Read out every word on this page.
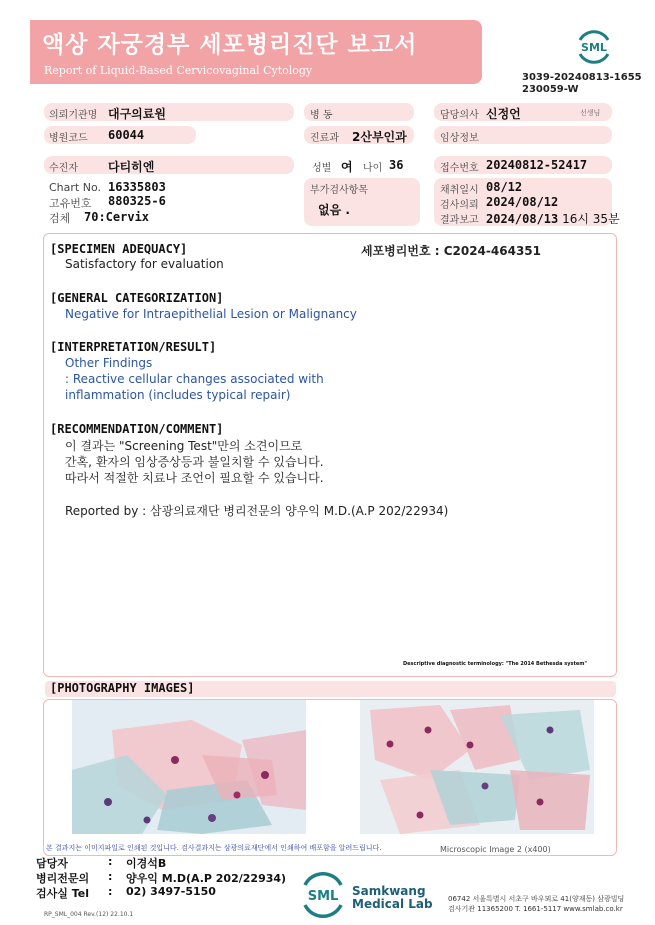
액상 자궁경부 세포병리진단 보고서
Report of Liquid-Based Cervicovaginal Cytology
SML
3039-20240813-1655
230059-W
의뢰기관명 대구의료원
병원코드 60044
수진자	다티히엔
Chart No. 16335803
고유번호 880325-6
검체 70:Cervix
병 동
진료과 2산부인과
성별 여 나이 36
부가검사항목
없음 .
담당의사 신정언	선생님
임상정보
접수번호 20240812-52417
채취일시 08/12
검사의뢰 2024/08/12
결과보고 2024/08/13 16시 35분
[SPECIMEN ADEQUACY]	세포병리번호 : C2024-464351
Satisfactory for evaluation
[GENERAL CATEGORIZATION]
Negative for Intraepithelial Lesion or Malignancy
[INTERPRETATION/RESULT]
Other Findings
: Reactive cellular changes associated with
inflammation (includes typical repair)
[RECOMMENDATION/COMMENT]
이 결과는 "Screening Test"만의 소견이므로
간혹, 환자의 임상증상등과 불일치할 수 있습니다.
따라서 적절한 치료나 조언이 필요할 수 있습니다.
Reported by : 삼광의료재단 병리전문의 양우익 M.D.(A.P 202/22934)
Descriptive diagnostic terminology: "The 2014 Bethesda system"
[PHOTOGRAPHY IMAGES]
Microscopic Image 2 (x400)
본 결과지는 이미지파일로 인쇄된 것입니다. 검사결과지는 삼광의료재단에서 인쇄하여 배포함을 알려드립니다.
담당자	: 이경석B
병리전문의 : 양우익 M.D(A.P 202/22934)
검사실 Tel : 02) 3497-5150	SML Samkwang
Medical Lab 06742 서울특별시 서초구 바우뫼로 41(양재동) 삼광빌딩
검사기관 11365200 T. 1661-5117 www.smlab.co.kr
RP_SML_004 Rev.(12) 22.10.1
